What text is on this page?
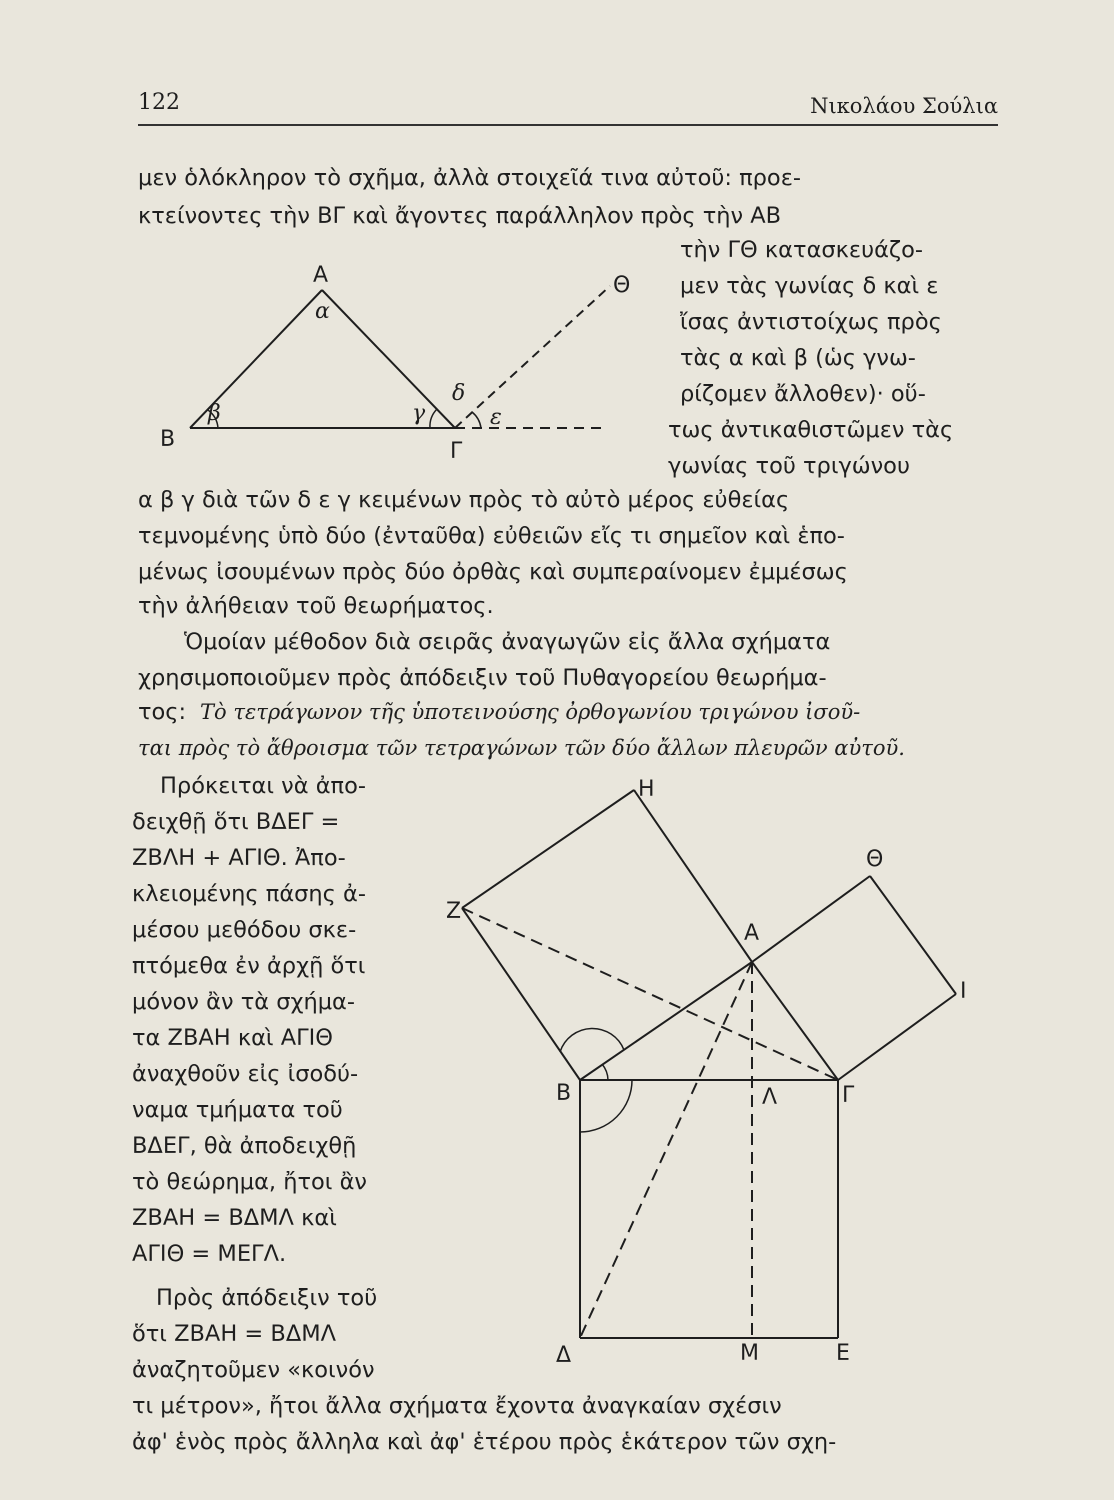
122	Νικολάου Σούλια
μεν ὁλόκληρον τὸ σχῆμα, ἀλλὰ στοιχεῖά τινα αὐτοῦ: προε-
κτείνοντες τὴν ΒΓ καὶ ἄγοντες παράλληλον πρὸς τὴν ΑΒ
τὴν ΓΘ κατασκευάζο-
μεν τὰς γωνίας δ καὶ ε
ἴσας ἀντιστοίχως πρὸς
τὰς α καὶ β (ὡς γνω-
ρίζομεν ἄλλοθεν)· οὕ-
τως ἀντικαθιστῶμεν τὰς
γωνίας τοῦ τριγώνου
α β γ διὰ τῶν δ ε γ κειμένων πρὸς τὸ αὐτὸ μέρος εὐθείας
τεμνομένης ὑπὸ δύο (ἐνταῦθα) εὐθειῶν εἴς τι σημεῖον καὶ ἑπο-
μένως ἰσουμένων πρὸς δύο ὀρθὰς καὶ συμπεραίνομεν ἐμμέσως
τὴν ἀλήθειαν τοῦ θεωρήματος.
Ὁμοίαν μέθοδον διὰ σειρᾶς ἀναγωγῶν εἰς ἄλλα σχήματα
χρησιμοποιοῦμεν πρὸς ἀπόδειξιν τοῦ Πυθαγορείου θεωρήμα-
τος: Τὸ τετράγωνον τῆς ὑποτεινούσης ὀρθογωνίου τριγώνου ἰσοῦ-
ται πρὸς τὸ ἄθροισμα τῶν τετραγώνων τῶν δύο ἄλλων πλευρῶν αὐτοῦ.
Πρόκειται νὰ ἀπο-
δειχθῇ ὅτι ΒΔΕΓ =
ΖΒΛΗ + ΑΓΙΘ. Ἀπο-
κλειομένης πάσης ἀ-
μέσου μεθόδου σκε-
πτόμεθα ἐν ἀρχῇ ὅτι
μόνον ἂν τὰ σχήμα-
τα ΖΒΑΗ καὶ ΑΓΙΘ
ἀναχθοῦν εἰς ἰσοδύ-
ναμα τμήματα τοῦ
ΒΔΕΓ, θὰ ἀποδειχθῇ
τὸ θεώρημα, ἤτοι ἂν
ΖΒΑΗ = ΒΔΜΛ καὶ
ΑΓΙΘ = ΜΕΓΛ.
Πρὸς ἀπόδειξιν τοῦ
ὅτι ΖΒΑΗ = ΒΔΜΛ
ἀναζητοῦμεν «κοινόν
τι μέτρον», ἤτοι ἄλλα σχήματα ἔχοντα ἀναγκαίαν σχέσιν
ἀφ' ἑνὸς πρὸς ἄλληλα καὶ ἀφ' ἑτέρου πρὸς ἑκάτερον τῶν σχη-
Α
Β	Γ
Θ
α
β	γ
δ
ε
Η
Ζ
Θ
Α
Ι
Β	Γ
Λ
Δ	Μ	Ε
